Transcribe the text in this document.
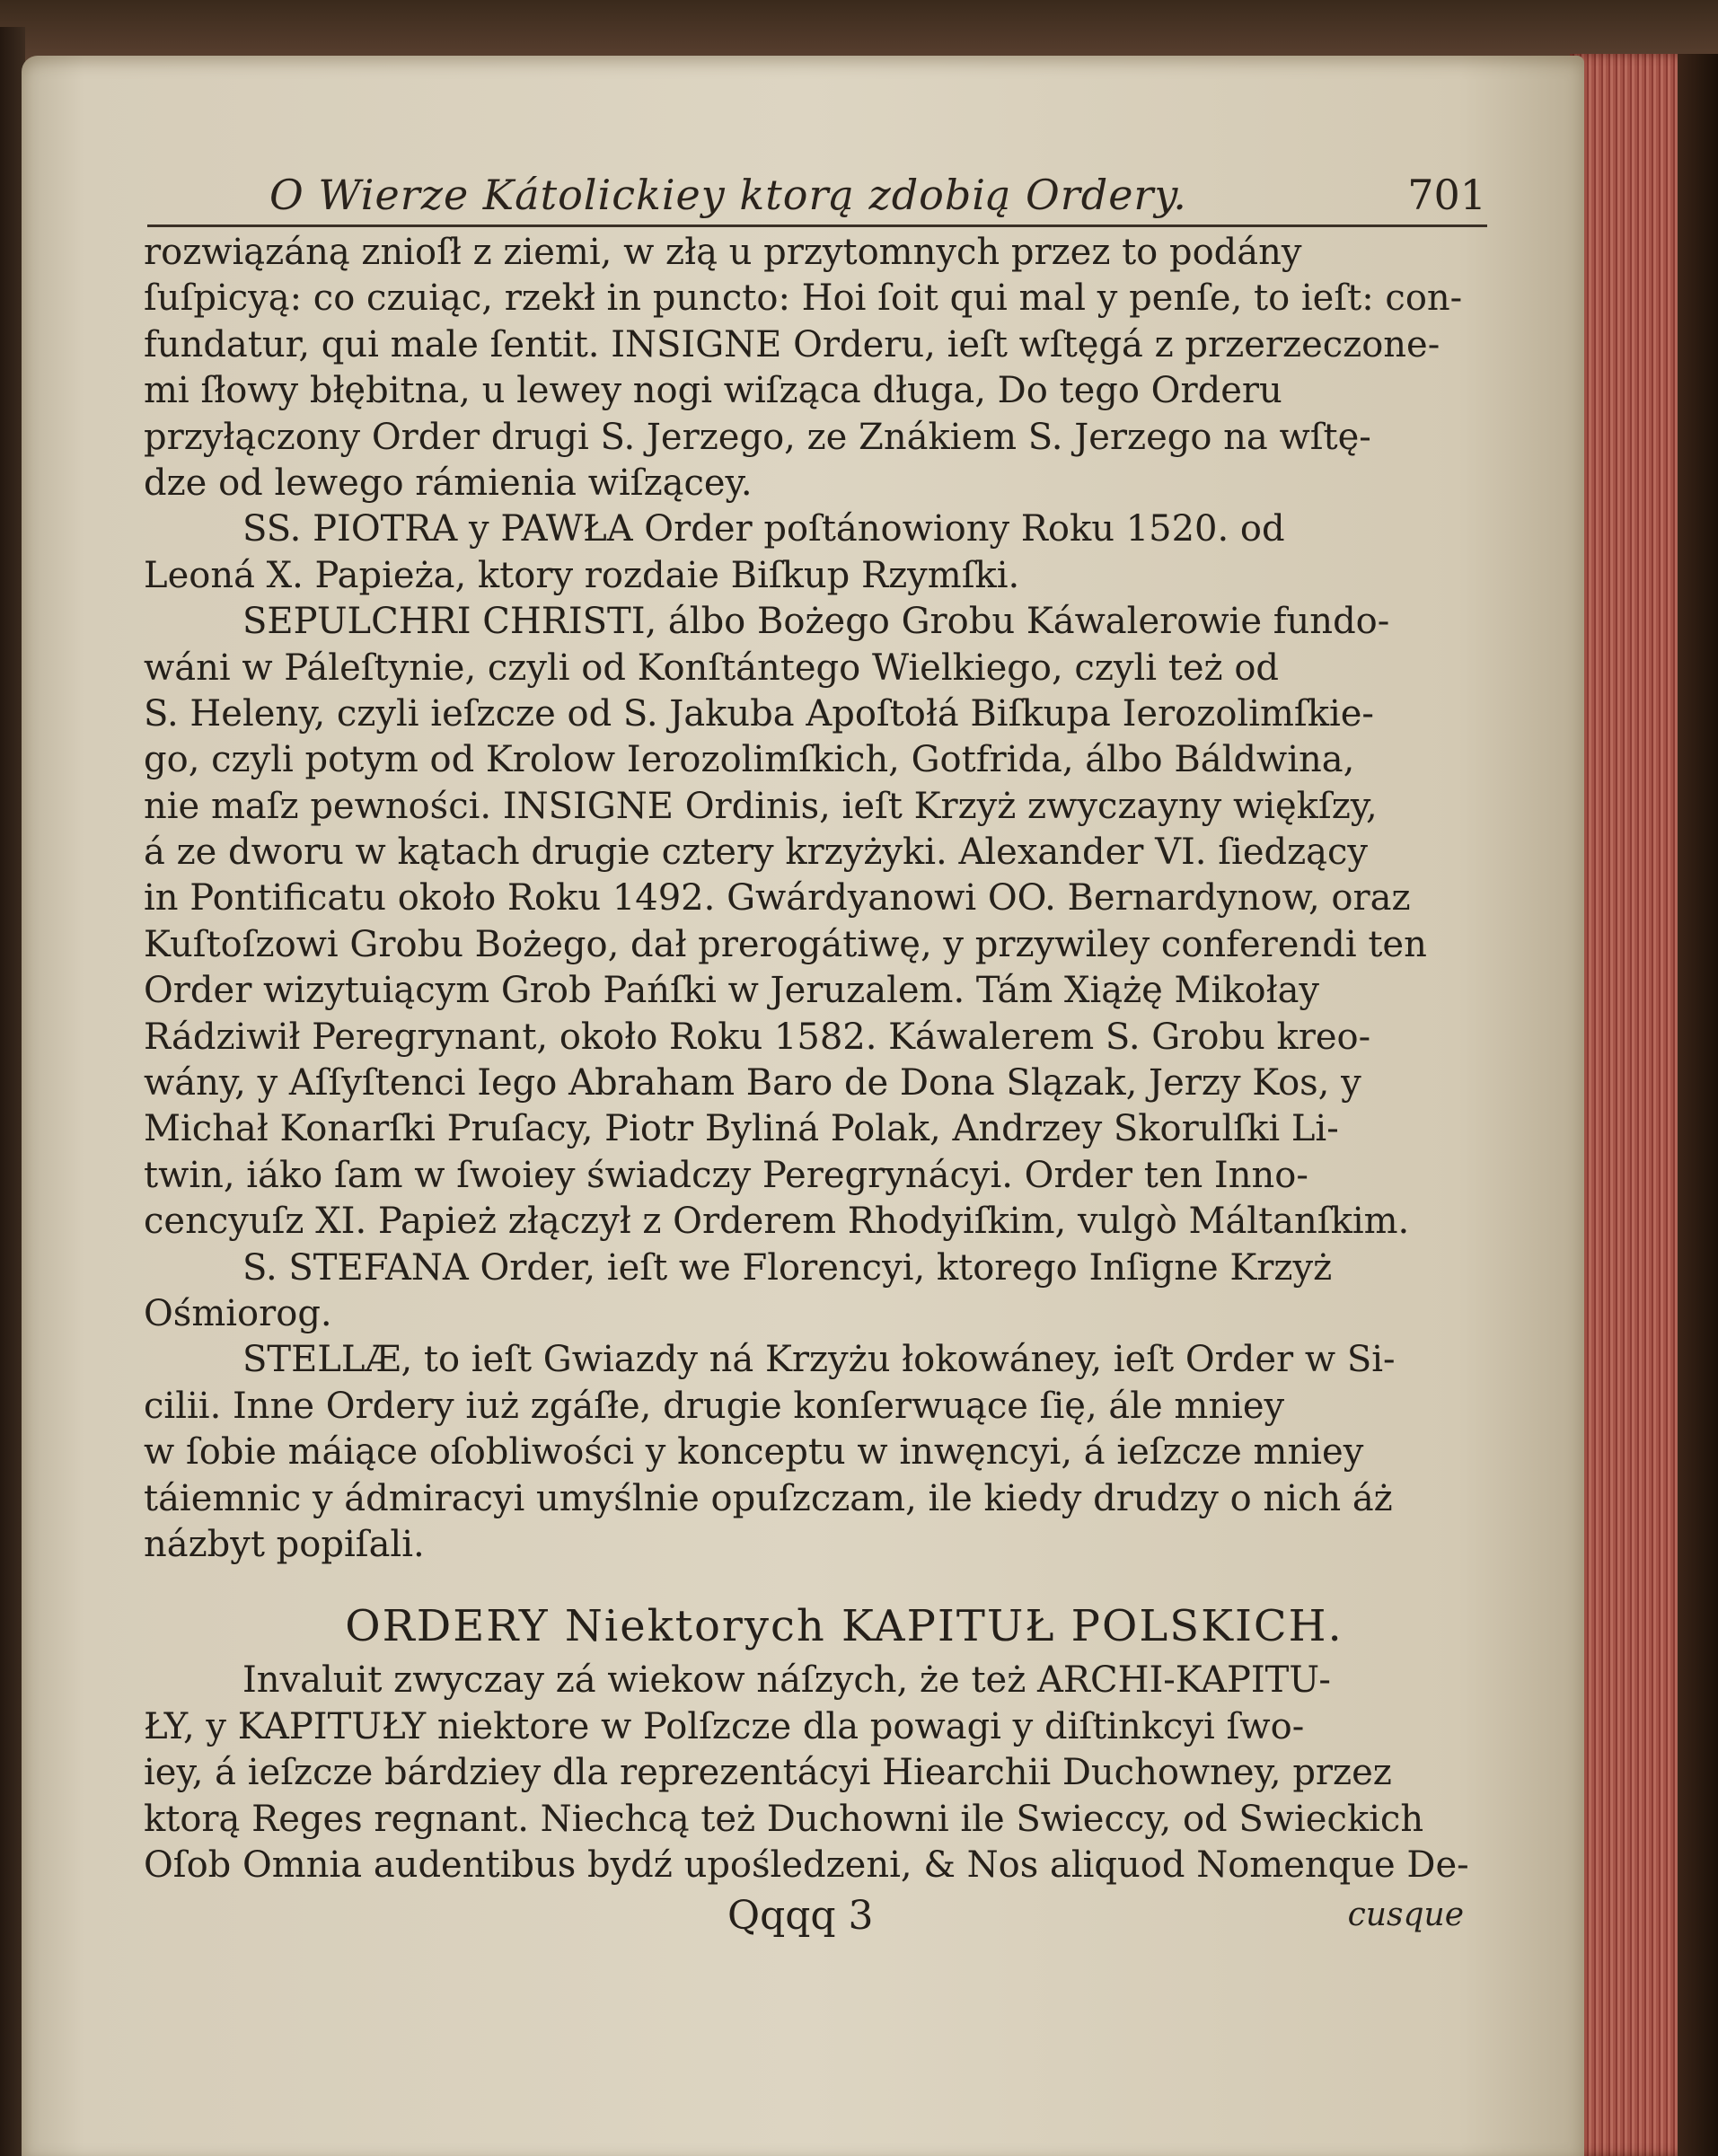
O Wierze Kátolickiey ktorą zdobią Ordery.	701
rozwiązáną znioſł z ziemi, w złą u przytomnych przez to podány
ſuſpicyą: co czuiąc, rzekł in puncto: Hoi ſoit qui mal y penſe, to ieſt: con-
fundatur, qui male ſentit. INSIGNE Orderu, ieſt wſtęgá z przerzeczone-
mi ſłowy błębitna, u lewey nogi wiſząca długa, Do tego Orderu
przyłączony Order drugi S. Jerzego, ze Znákiem S. Jerzego na wſtę-
dze od lewego rámienia wiſzącey.
SS. PIOTRA y PAWŁA Order poſtánowiony Roku 1520. od
Leoná X. Papieża, ktory rozdaie Biſkup Rzymſki.
SEPULCHRI CHRISTI, álbo Bożego Grobu Káwalerowie fundo-
wáni w Páleſtynie, czyli od Konſtántego Wielkiego, czyli też od
S. Heleny, czyli ieſzcze od S. Jakuba Apoſtołá Biſkupa Ierozolimſkie-
go, czyli potym od Krolow Ierozolimſkich, Gotfrida, álbo Báldwina,
nie maſz pewności. INSIGNE Ordinis, ieſt Krzyż zwyczayny więkſzy,
á ze dworu w kątach drugie cztery krzyżyki. Alexander VI. ſiedzący
in Pontificatu około Roku 1492. Gwárdyanowi OO. Bernardynow, oraz
Kuſtoſzowi Grobu Bożego, dał prerogátiwę, y przywiley conferendi ten
Order wizytuiącym Grob Pańſki w Jeruzalem. Tám Xiążę Mikołay
Rádziwił Peregrynant, około Roku 1582. Káwalerem S. Grobu kreo-
wány, y Aſſyſtenci Iego Abraham Baro de Dona Slązak, Jerzy Kos, y
Michał Konarſki Pruſacy, Piotr Byliná Polak, Andrzey Skorulſki Li-
twin, iáko ſam w ſwoiey świadczy Peregrynácyi. Order ten Inno-
cencyuſz XI. Papież złączył z Orderem Rhodyiſkim, vulgò Máltanſkim.
S. STEFANA Order, ieſt we Florencyi, ktorego Inſigne Krzyż
Ośmiorog.
STELLÆ, to ieſt Gwiazdy ná Krzyżu łokowáney, ieſt Order w Si-
cilii. Inne Ordery iuż zgáſłe, drugie konſerwuące ſię, ále mniey
w ſobie máiące oſobliwości y konceptu w inwęncyi, á ieſzcze mniey
táiemnic y ádmiracyi umyślnie opuſzczam, ile kiedy drudzy o nich áż
názbyt popiſali.
ORDERY Niektorych KAPITUŁ POLSKICH.
Invaluit zwyczay zá wiekow náſzych, że też ARCHI-KAPITU-
ŁY, y KAPITUŁY niektore w Polſzcze dla powagi y diſtinkcyi ſwo-
iey, á ieſzcze bárdziey dla reprezentácyi Hiearchii Duchowney, przez
ktorą Reges regnant. Niechcą też Duchowni ile Swieccy, od Swieckich
Oſob Omnia audentibus bydź upośledzeni, & Nos aliquod Nomenque De-
Qqqq 3	cusque
